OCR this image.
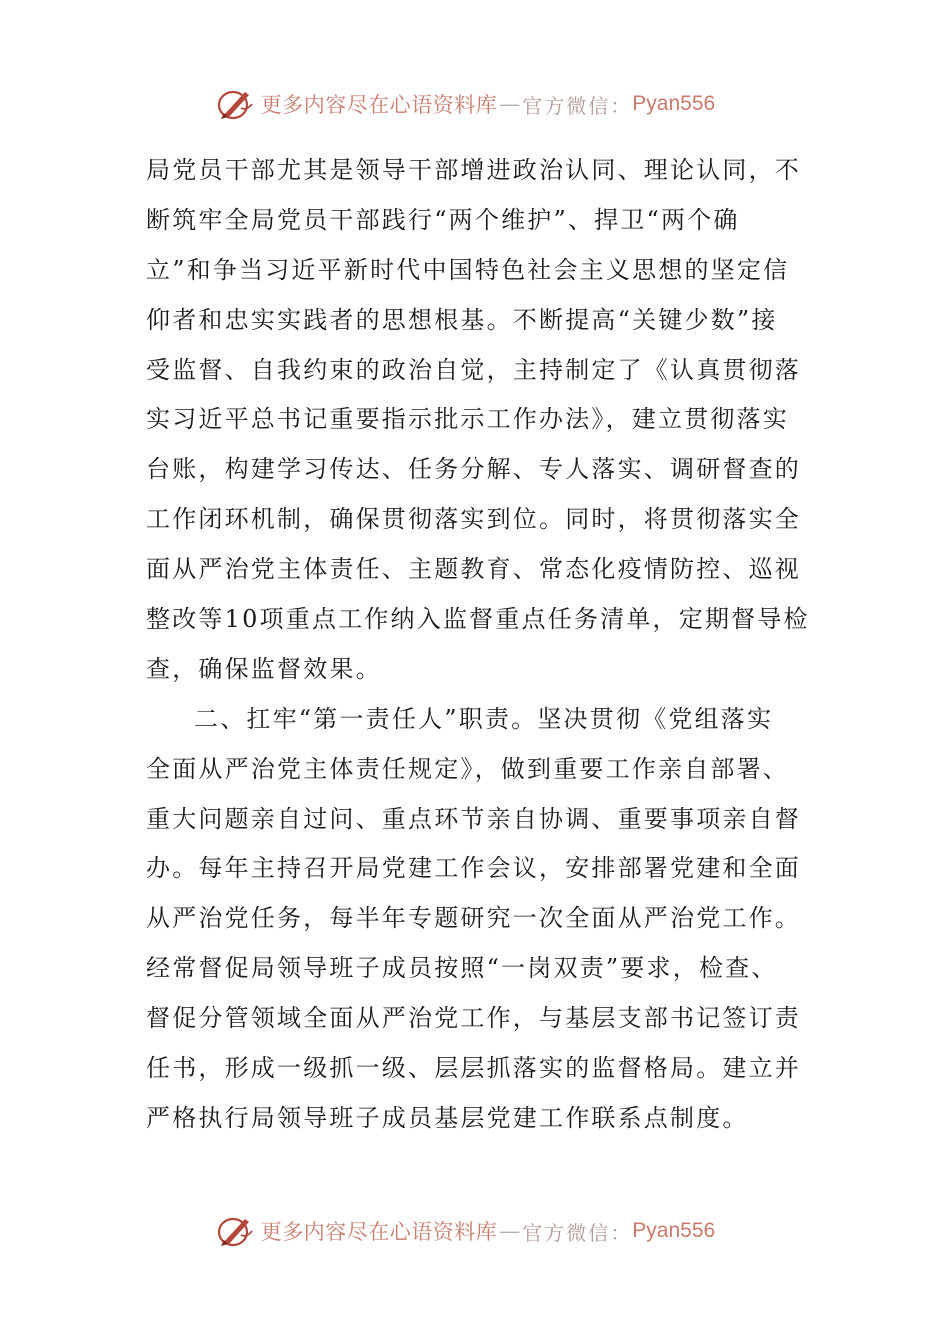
更多内容尽在心语资料库 — 官方微信： Pyan556
局党员干部尤其是领导干部增进政治认同、理论认同，不
断筑牢全局党员干部践行“两个维护”、捍卫“两个确
立”和争当习近平新时代中国特色社会主义思想的坚定信
仰者和忠实实践者的思想根基。不断提高“关键少数”接
受监督、自我约束的政治自觉，主持制定了《认真贯彻落
实习近平总书记重要指示批示工作办法》，建立贯彻落实
台账，构建学习传达、任务分解、专人落实、调研督查的
工作闭环机制，确保贯彻落实到位。同时，将贯彻落实全
面从严治党主体责任、主题教育、常态化疫情防控、巡视
整改等10项重点工作纳入监督重点任务清单，定期督导检
查，确保监督效果。
二、扛牢“第一责任人”职责。坚决贯彻《党组落实
全面从严治党主体责任规定》，做到重要工作亲自部署、
重大问题亲自过问、重点环节亲自协调、重要事项亲自督
办。每年主持召开局党建工作会议，安排部署党建和全面
从严治党任务，每半年专题研究一次全面从严治党工作。
经常督促局领导班子成员按照“一岗双责”要求，检查、
督促分管领域全面从严治党工作，与基层支部书记签订责
任书，形成一级抓一级、层层抓落实的监督格局。建立并
严格执行局领导班子成员基层党建工作联系点制度。
更多内容尽在心语资料库 — 官方微信： Pyan556
